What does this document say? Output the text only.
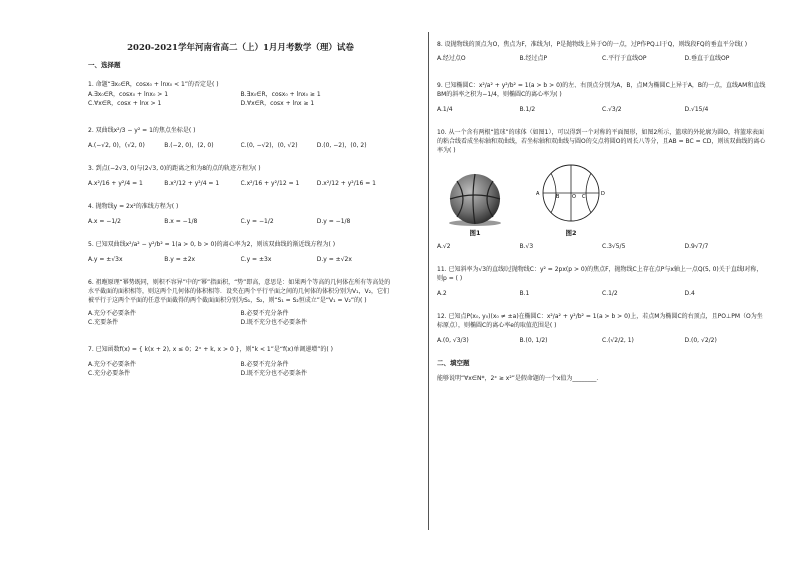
2020-2021学年河南省高二（上）1月月考数学（理）试卷
一、选择题
1. 命题“∃x₀∈R，cosx₀ + lnx₀ < 1”的否定是( )
A.∃x₀∈R，cosx₀ + lnx₀ > 1	B.∃x₀∈R，cosx₀ + lnx₀ ≥ 1
C.∀x∈R，cosx + lnx > 1	D.∀x∈R，cosx + lnx ≥ 1
2. 双曲线x²/3 − y² = 1的焦点坐标是( )
A.(−√2, 0)，(√2, 0)	B.(−2, 0)，(2, 0)	C.(0, −√2)，(0, √2)	D.(0, −2)，(0, 2)
3. 到点(−2√3, 0)与(2√3, 0)的距离之和为8的点的轨迹方程为( )
A.x²/16 + y²/4 = 1	B.x²/12 + y²/4 = 1	C.x²/16 + y²/12 = 1	D.x²/12 + y²/16 = 1
4. 抛物线y = 2x²的准线方程为( )
A.x = −1/2	B.x = −1/8	C.y = −1/2	D.y = −1/8
5. 已知双曲线x²/a² − y²/b² = 1(a > 0, b > 0)的离心率为2，则该双曲线的渐近线方程为( )
A.y = ±√3x	B.y = ±2x	C.y = ±3x	D.y = ±√2x
6. 祖暅原理“幂势既同，则积不容异”中的“幂”指面积，“势”即高，意思是：如果两个等高的几何体在所有等高处的水平截面的面积相等，则这两个几何体的体积相等．设夹在两个平行平面之间的几何体的体积分别为V₁，V₂，它们被平行于这两个平面的任意平面截得的两个截面面积分别为S₁，S₂，则“S₁ = S₂恒成立”是“V₁ = V₂”的( )
A.充分不必要条件	B.必要不充分条件
C.充要条件	D.既不充分也不必要条件
7. 已知函数f(x) = { k(x + 2), x ≤ 0；2ˣ + k, x > 0 }，则“k < 1”是“f(x)单调递增”的( )
A.充分不必要条件	B.必要不充分条件
C.充分必要条件	D.既不充分也不必要条件
8. 设抛物线的顶点为O，焦点为F，准线为l，P是抛物线上异于O的一点，过P作PQ⊥l于Q，则线段FQ的垂直平分线( )
A.经过点O	B.经过点P	C.平行于直线OP	D.垂直于直线OP
9. 已知椭圆C：x²/a² + y²/b² = 1(a > b > 0)的左、右顶点分别为A，B，点M为椭圆C上异于A，B的一点，直线AM和直线BM的斜率之积为−1/4，则椭圆C的离心率为( )
A.1/4	B.1/2	C.√3/2	D.√15/4
10. 从一个含有两根“篮球”的球体（如图1），可以得到一个对称的平面图形，如图2所示，篮球的外轮廓为圆O，将篮球表面的粘合线看成坐标轴和双曲线，若坐标轴和双曲线与圆O的交点将圆O的周长八等分，且AB = BC = CD，则该双曲线的离心率为( )
图1
A	B	O C	D
图2
A.√2	B.√3	C.3√5/5	D.9√7/7
11. 已知斜率为√3的直线l过抛物线C：y² = 2px(p > 0)的焦点F，抛物线C上存在点P与x轴上一点Q(5, 0)关于直线l对称，则p = ( )
A.2	B.1	C.1/2	D.4
12. 已知点P(x₀, y₀)(x₀ ≠ ±a)在椭圆C：x²/a² + y²/b² = 1(a > b > 0)上，若点M为椭圆C的右顶点，且PO⊥PM（O为坐标原点），则椭圆C的离心率e的取值范围是( )
A.(0, √3/3)	B.(0, 1/2)	C.(√2/2, 1)	D.(0, √2/2)
二、填空题
能够说明“∀x∈N*，2ˣ ≥ x²”是假命题的一个x值为________．
